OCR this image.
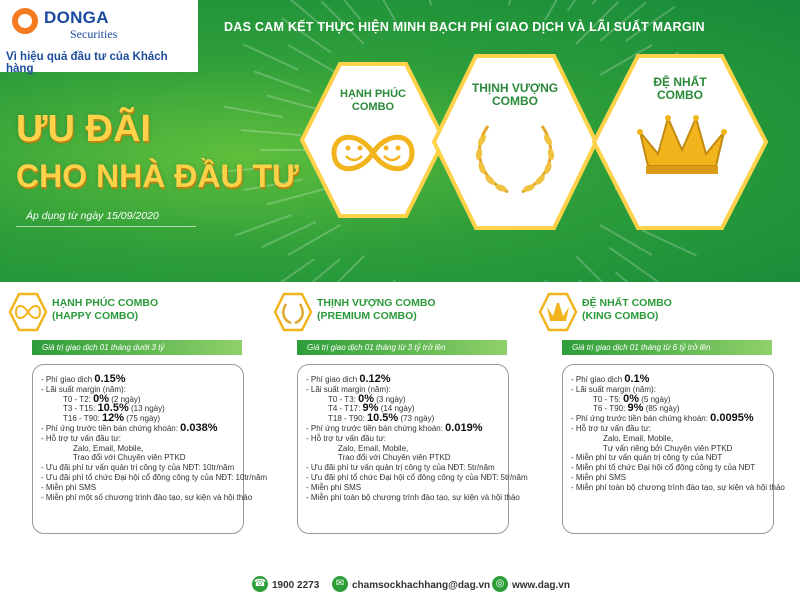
DONGA
Securities
Vì hiệu quả đầu tư của Khách hàng
DAS CAM KẾT THỰC HIỆN MINH BẠCH PHÍ GIAO DỊCH VÀ LÃI SUẤT MARGIN
ƯU ĐÃI
CHO NHÀ ĐẦU TƯ
Áp dụng từ ngày 15/09/2020
HẠNH PHÚC
COMBO
THỊNH VƯỢNG
COMBO
ĐỆ NHẤT
COMBO
HẠNH PHÚC COMBO
(HAPPY COMBO)
Giá trị giao dịch 01 tháng dưới 3 tỷ
- Phí giao dịch 0.15%
- Lãi suất margin (năm):
T0 - T2: 0% (2 ngày)
T3 - T15: 10.5% (13 ngày)
T16 - T90: 12% (75 ngày)
- Phí ứng trước tiền bán chứng khoán: 0.038%
- Hỗ trợ tư vấn đầu tư:
Zalo, Email, Mobile,
Trao đổi với Chuyên viên PTKD
- Ưu đãi phí tư vấn quản trị công ty của NĐT: 10tr/năm
- Ưu đãi phí tổ chức Đại hội cổ đông công ty của NĐT: 10tr/năm
- Miễn phí SMS
- Miễn phí một số chương trình đào tạo, sự kiện và hội thảo
THỊNH VƯỢNG COMBO
(PREMIUM COMBO)
Giá trị giao dịch 01 tháng từ 3 tỷ trở lên
- Phí giao dịch 0.12%
- Lãi suất margin (năm):
T0 - T3: 0% (3 ngày)
T4 - T17: 9% (14 ngày)
T18 - T90: 10.5% (73 ngày)
- Phí ứng trước tiền bán chứng khoán: 0.019%
- Hỗ trợ tư vấn đầu tư:
Zalo, Email, Mobile,
Trao đổi với Chuyên viên PTKD
- Ưu đãi phí tư vấn quản trị công ty của NĐT: 5tr/năm
- Ưu đãi phí tổ chức Đại hội cổ đông công ty của NĐT: 5tr/năm
- Miễn phí SMS
- Miễn phí toàn bộ chương trình đào tạo, sự kiện và hội thảo
ĐỆ NHẤT COMBO
(KING COMBO)
Giá trị giao dịch 01 tháng từ 6 tỷ trở lên
- Phí giao dịch 0.1%
- Lãi suất margin (năm):
T0 - T5: 0% (5 ngày)
T6 - T90: 9% (85 ngày)
- Phí ứng trước tiền bán chứng khoán: 0.0095%
- Hỗ trợ tư vấn đầu tư:
Zalo, Email, Mobile,
Tư vấn riêng bởi Chuyên viên PTKD
- Miễn phí tư vấn quản trị công ty của NĐT
- Miễn phí tổ chức Đại hội cổ đông công ty của NĐT
- Miễn phí SMS
- Miễn phí toàn bộ chương trình đào tạo, sự kiện và hội thảo
☎ 1900 2273	✉ chamsockhachhang@dag.vn ◎ www.dag.vn
